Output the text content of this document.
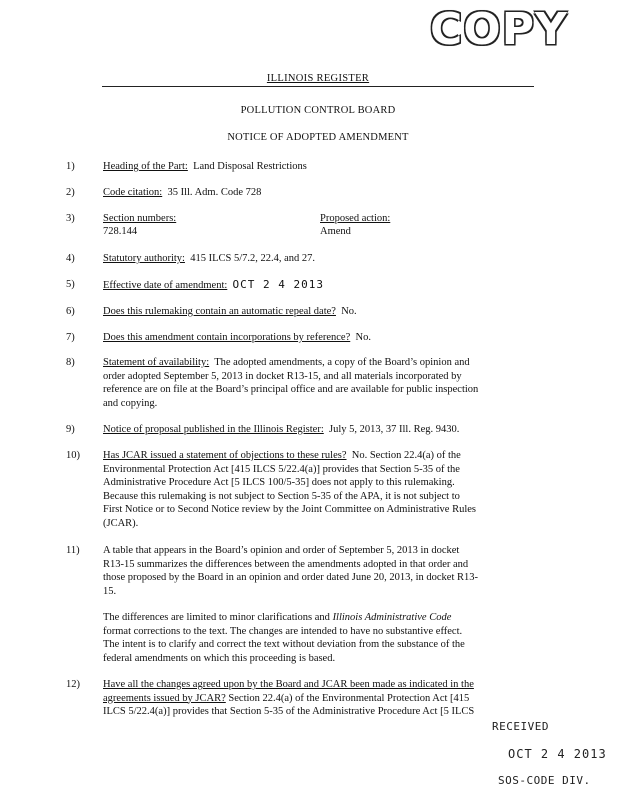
COPY
ILLINOIS REGISTER
POLLUTION CONTROL BOARD
NOTICE OF ADOPTED AMENDMENT
1)	Heading of the Part: Land Disposal Restrictions
2)	Code citation: 35 Ill. Adm. Code 728
3)	Section numbers:
728.144
Proposed action:
Amend
4)	Statutory authority: 415 ILCS 5/7.2, 22.4, and 27.
5)	Effective date of amendment: OCT 2 4 2013
6)	Does this rulemaking contain an automatic repeal date? No.
7)	Does this amendment contain incorporations by reference? No.
8)	Statement of availability: The adopted amendments, a copy of the Board’s opinion and
order adopted September 5, 2013 in docket R13-15, and all materials incorporated by
reference are on file at the Board’s principal office and are available for public inspection
and copying.
9)	Notice of proposal published in the Illinois Register: July 5, 2013, 37 Ill. Reg. 9430.
10)	Has JCAR issued a statement of objections to these rules? No. Section 22.4(a) of the
Environmental Protection Act [415 ILCS 5/22.4(a)] provides that Section 5-35 of the
Administrative Procedure Act [5 ILCS 100/5-35] does not apply to this rulemaking.
Because this rulemaking is not subject to Section 5-35 of the APA, it is not subject to
First Notice or to Second Notice review by the Joint Committee on Administrative Rules
(JCAR).
11)	A table that appears in the Board’s opinion and order of September 5, 2013 in docket
R13-15 summarizes the differences between the amendments adopted in that order and
those proposed by the Board in an opinion and order dated June 20, 2013, in docket R13-
15.
The differences are limited to minor clarifications and Illinois Administrative Code
format corrections to the text. The changes are intended to have no substantive effect.
The intent is to clarify and correct the text without deviation from the substance of the
federal amendments on which this proceeding is based.
12)	Have all the changes agreed upon by the Board and JCAR been made as indicated in the
agreements issued by JCAR? Section 22.4(a) of the Environmental Protection Act [415
ILCS 5/22.4(a)] provides that Section 5-35 of the Administrative Procedure Act [5 ILCS
RECEIVED
OCT 2 4 2013
SOS-CODE DIV.
